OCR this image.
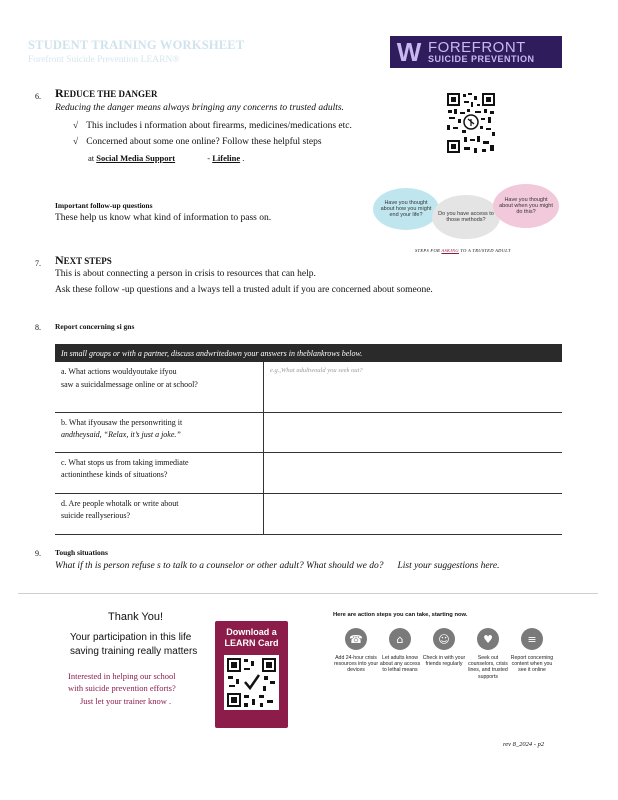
STUDENT TRAINING WORKSHEET
Forefront Suicide Prevention LEARN®	W FOREFRONT
SUICIDE PREVENTION
6. REDUCE THE DANGER
Reducing the danger means always bringing any concerns to trusted adults.
√ This includes i nformation about firearms, medicines/medications etc.
√ Concerned about some one online? Follow these helpful steps
at Social Media Support	- Lifeline .
Important follow-up questions
These help us know what kind of information to pass on.
Have you thought about how you might end your life?	Do you have access to those methods?
Have you thought about when you might do this?
STEPS FOR ASKING TO A TRUSTED ADULT
7. NEXT STEPS
This is about connecting a person in crisis to resources that can help.
Ask these follow -up questions and a lways tell a trusted adult if you are concerned about someone.
8. Report concerning si gns
In small groups or with a partner, discuss andwritedown your answers in theblankrows below.	

a. What actions wouldyoutake ifyou
saw a suicidalmessage online or at school?	e.g.,What adultwould you seek out?

b. What ifyousaw the personwriting it
andtheysaid, “Relax, it’s just a joke.”	

c. What stops us from taking immediate
actioninthese kinds of situations?	

d. Are people whotalk or write about
suicide reallyserious?	

9. Tough situations
What if th is person refuse s to talk to a counselor or other adult? What should we do? List your suggestions here.
Thank You!
Your participation in this life
saving training really matters
Interested in helping our school
with suicide prevention efforts?
Just let your trainer know .
Download a LEARN Card
Here are action steps you can take, starting now.
☎
Add 24-hour crisis resources into your devices
⌂
Let adults know about any access to lethal means
☺
Check in with your friends regularly
♥
Seek out counselors, crisis lines, and trusted supports
≡
Report concerning content when you see it online
rev 8_2024 - p2
